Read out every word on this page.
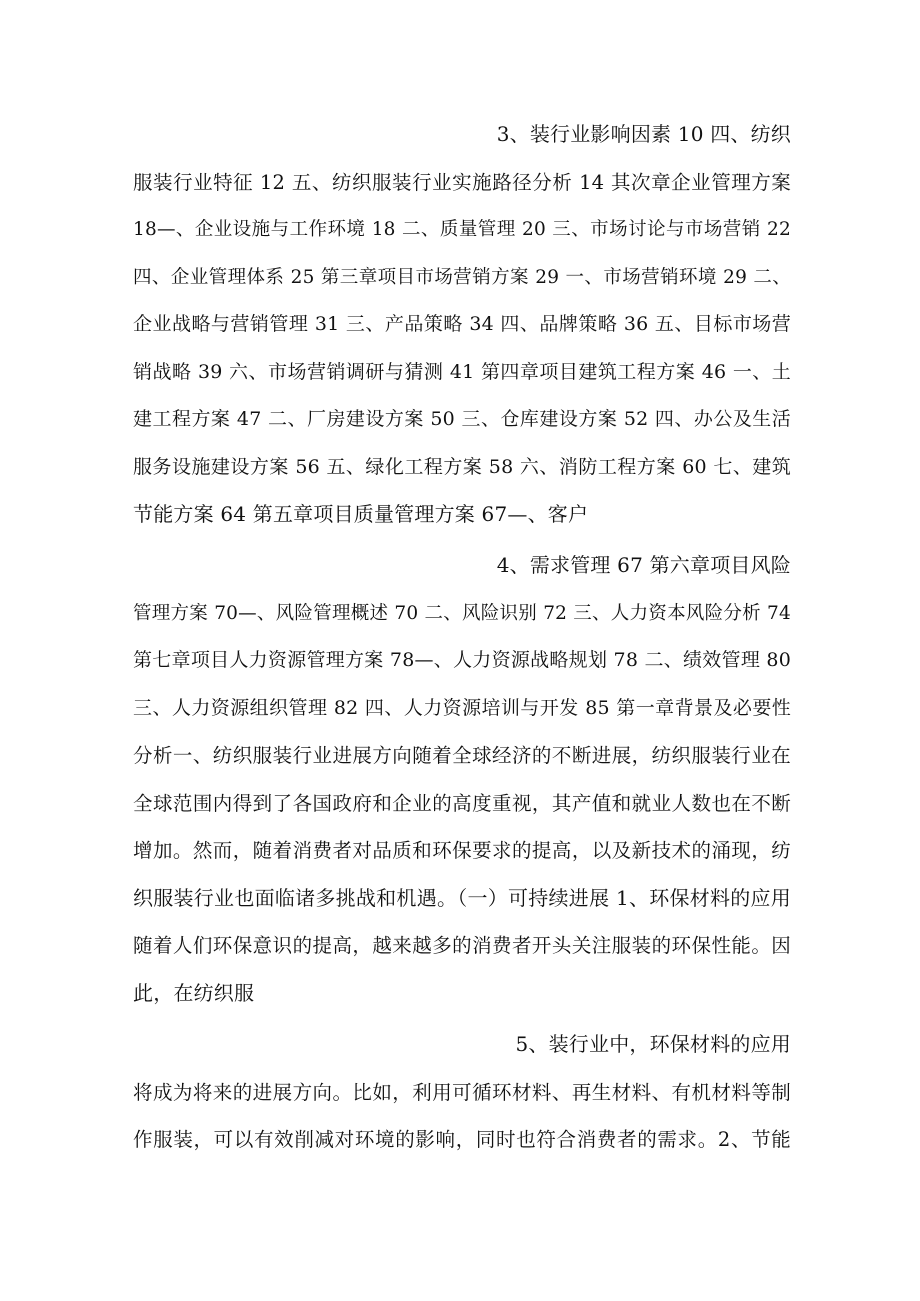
3、装行业影响因素 10 四、纺织
服装行业特征 12 五、纺织服装行业实施路径分析 14 其次章企业管理方案
18—、企业设施与工作环境 18 二、质量管理 20 三、市场讨论与市场营销 22
四、企业管理体系 25 第三章项目市场营销方案 29 一、市场营销环境 29 二、
企业战略与营销管理 31 三、产品策略 34 四、品牌策略 36 五、目标市场营
销战略 39 六、市场营销调研与猜测 41 第四章项目建筑工程方案 46 一、土
建工程方案 47 二、厂房建设方案 50 三、仓库建设方案 52 四、办公及生活
服务设施建设方案 56 五、绿化工程方案 58 六、消防工程方案 60 七、建筑
节能方案 64 第五章项目质量管理方案 67—、客户
4、需求管理 67 第六章项目风险
管理方案 70—、风险管理概述 70 二、风险识别 72 三、人力资本风险分析 74
第七章项目人力资源管理方案 78—、人力资源战略规划 78 二、绩效管理 80
三、人力资源组织管理 82 四、人力资源培训与开发 85 第一章背景及必要性
分析一、纺织服装行业进展方向随着全球经济的不断进展，纺织服装行业在
全球范围内得到了各国政府和企业的高度重视，其产值和就业人数也在不断
增加。然而，随着消费者对品质和环保要求的提高，以及新技术的涌现，纺
织服装行业也面临诸多挑战和机遇。（一）可持续进展 1、环保材料的应用
随着人们环保意识的提高，越来越多的消费者开头关注服装的环保性能。因
此，在纺织服
5、装行业中，环保材料的应用
将成为将来的进展方向。比如，利用可循环材料、再生材料、有机材料等制
作服装，可以有效削减对环境的影响，同时也符合消费者的需求。2、节能
